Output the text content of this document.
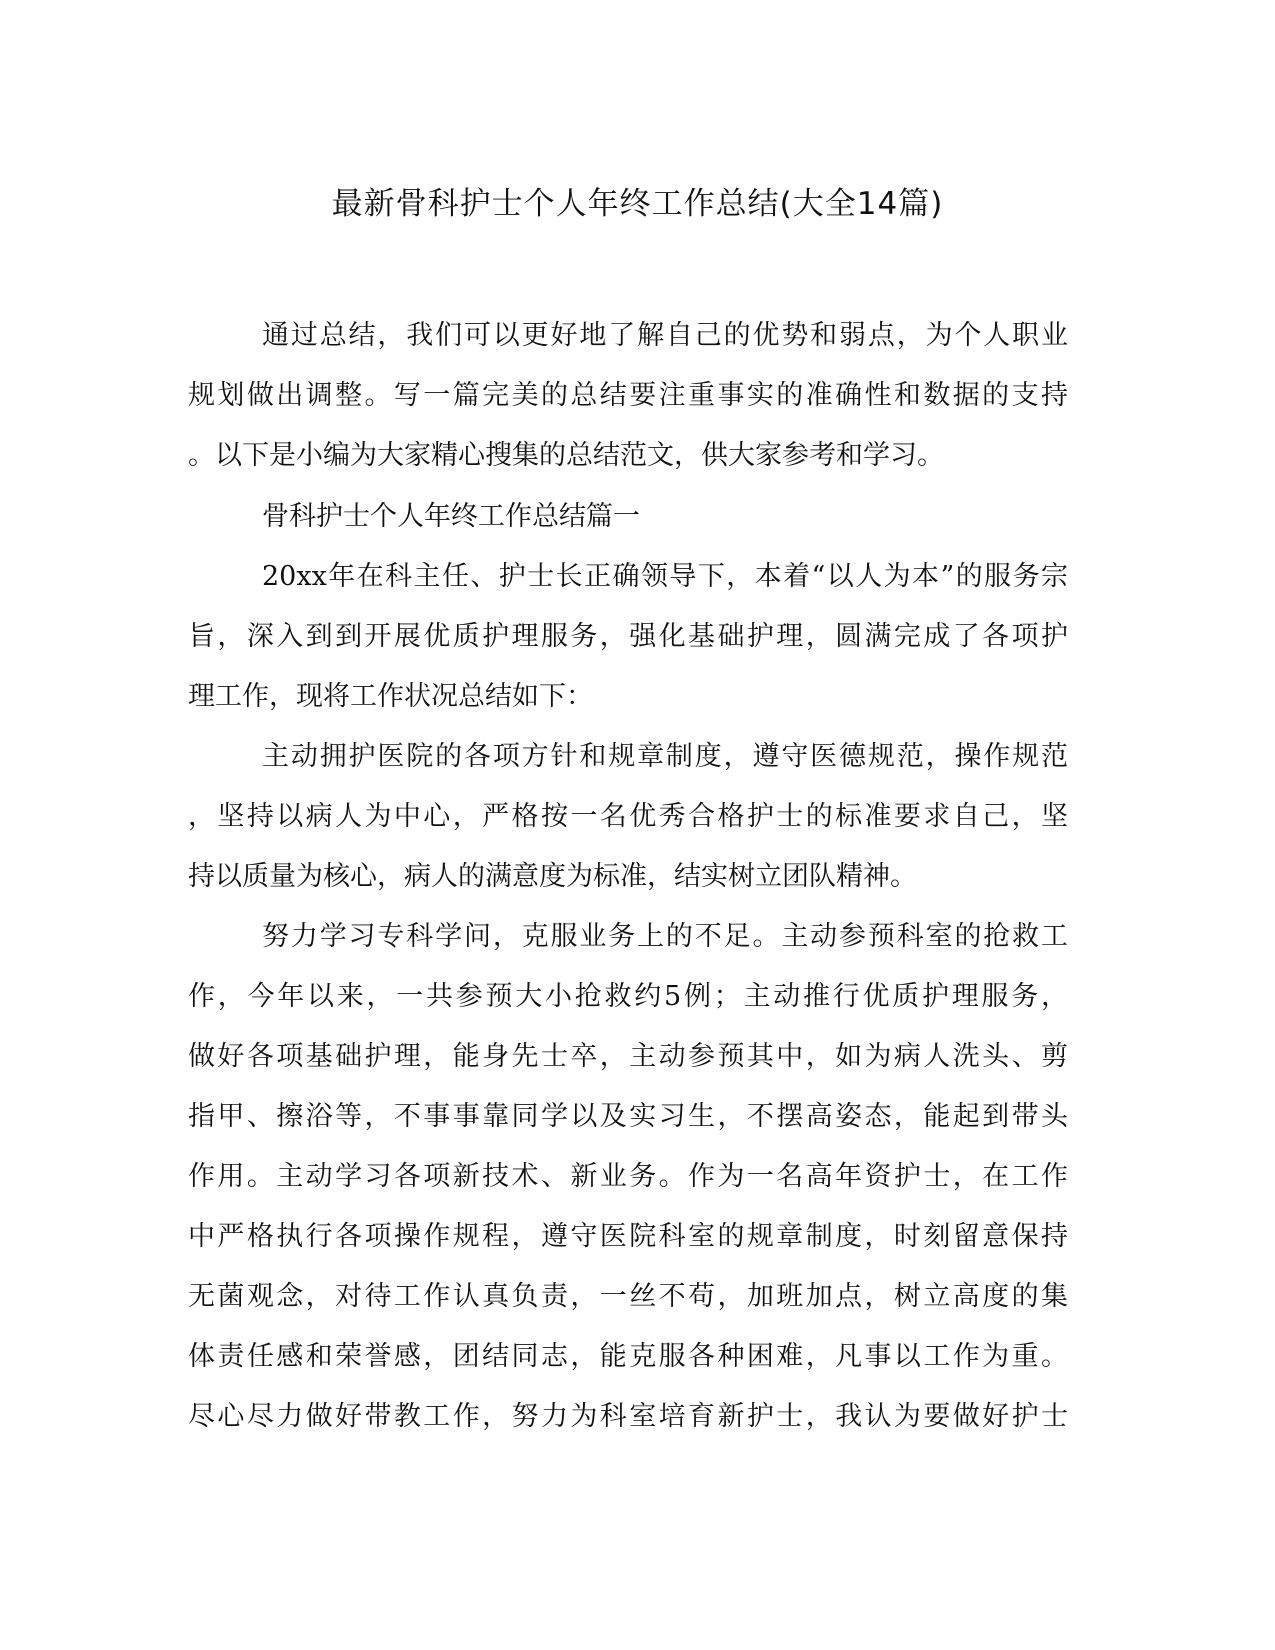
最新骨科护士个人年终工作总结(大全14篇)
通过总结，我们可以更好地了解自己的优势和弱点，为个人职业
规划做出调整。写一篇完美的总结要注重事实的准确性和数据的支持
。以下是小编为大家精心搜集的总结范文，供大家参考和学习。
骨科护士个人年终工作总结篇一
20xx年在科主任、护士长正确领导下，本着“以人为本”的服务宗
旨，深入到到开展优质护理服务，强化基础护理，圆满完成了各项护
理工作，现将工作状况总结如下：
主动拥护医院的各项方针和规章制度，遵守医德规范，操作规范
，坚持以病人为中心，严格按一名优秀合格护士的标准要求自己，坚
持以质量为核心，病人的满意度为标准，结实树立团队精神。
努力学习专科学问，克服业务上的不足。主动参预科室的抢救工
作，今年以来，一共参预大小抢救约5例；主动推行优质护理服务，
做好各项基础护理，能身先士卒，主动参预其中，如为病人洗头、剪
指甲、擦浴等，不事事靠同学以及实习生，不摆高姿态，能起到带头
作用。主动学习各项新技术、新业务。作为一名高年资护士，在工作
中严格执行各项操作规程，遵守医院科室的规章制度，时刻留意保持
无菌观念，对待工作认真负责，一丝不苟，加班加点，树立高度的集
体责任感和荣誉感，团结同志，能克服各种困难，凡事以工作为重。
尽心尽力做好带教工作，努力为科室培育新护士，我认为要做好护士
